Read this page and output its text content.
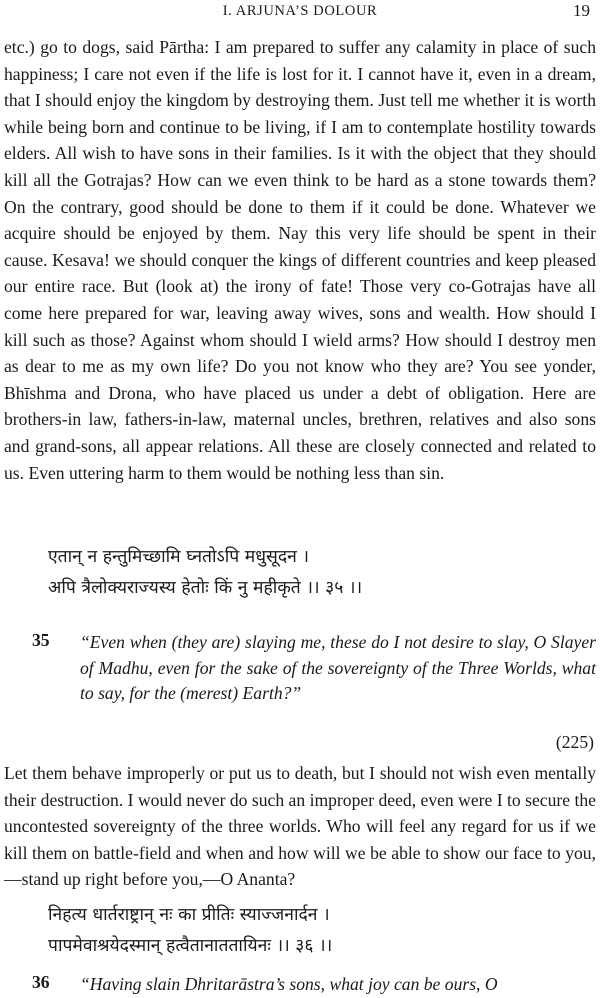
I. ARJUNA’S DOLOUR	19

etc.) go to dogs, said Pārtha: I am prepared to suffer any calamity in place of such happiness; I care not even if the life is lost for it. I cannot have it, even in a dream, that I should enjoy the kingdom by destroying them. Just tell me whether it is worth while being born and continue to be living, if I am to contemplate hostility towards elders. All wish to have sons in their families. Is it with the object that they should kill all the Gotrajas? How can we even think to be hard as a stone towards them? On the contrary, good should be done to them if it could be done. Whatever we acquire should be enjoyed by them. Nay this very life should be spent in their cause. Kesava! we should conquer the kings of different countries and keep pleased our entire race. But (look at) the irony of fate! Those very co-Gotrajas have all come here prepared for war, leaving away wives, sons and wealth. How should I kill such as those? Against whom should I wield arms? How should I destroy men as dear to me as my own life? Do you not know who they are? You see yonder, Bhīshma and Drona, who have placed us under a debt of obligation. Here are brothers-in law, fathers-in-law, maternal uncles, brethren, relatives and also sons and grand-sons, all appear relations. All these are closely connected and related to us. Even uttering harm to them would be nothing less than sin.

एतान् न हन्तुमिच्छामि घ्नतोऽपि मधुसूदन ।
अपि त्रैलोक्यराज्यस्य हेतोः किं नु महीकृते ।। ३५ ।।
35 “Even when (they are) slaying me, these do I not desire to slay, O Slayer of Madhu, even for the sake of the sovereignty of the Three Worlds, what to say, for the (merest) Earth?”

(225)

Let them behave improperly or put us to death, but I should not wish even mentally their destruction. I would never do such an improper deed, even were I to secure the uncontested sovereignty of the three worlds. Who will feel any regard for us if we kill them on battle-field and when and how will we be able to show our face to you,—stand up right before you,—O Ananta?

निहत्य धार्तराष्ट्रान् नः का प्रीतिः स्याज्जनार्दन ।
पापमेवाश्रयेदस्मान् हत्वैतानाततायिनः ।। ३६ ।।
36 “Having slain Dhritarāstra’s sons, what joy can be ours, O
